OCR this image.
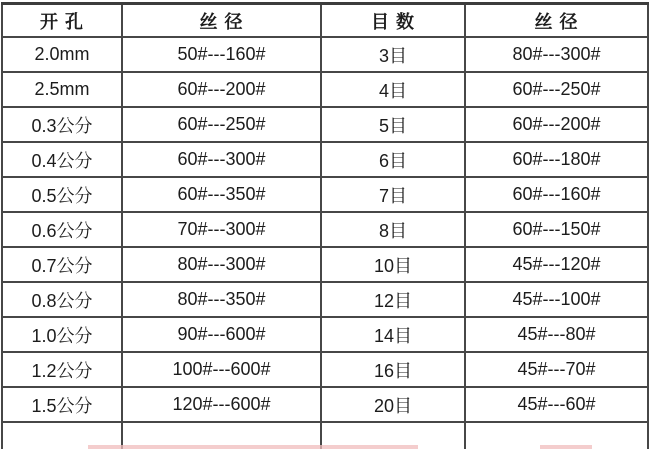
开 孔	丝 径	目 数	丝 径
2.0mm	50#---160#	3目	80#---300#
2.5mm	60#---200#	4目	60#---250#
0.3公分	60#---250#	5目	60#---200#
0.4公分	60#---300#	6目	60#---180#
0.5公分	60#---350#	7目	60#---160#
0.6公分	70#---300#	8目	60#---150#
0.7公分	80#---300#	10目	45#---120#
0.8公分	80#---350#	12目	45#---100#
1.0公分	90#---600#	14目	45#---80#
1.2公分	100#---600#	16目	45#---70#
1.5公分	120#---600#	20目	45#---60#
